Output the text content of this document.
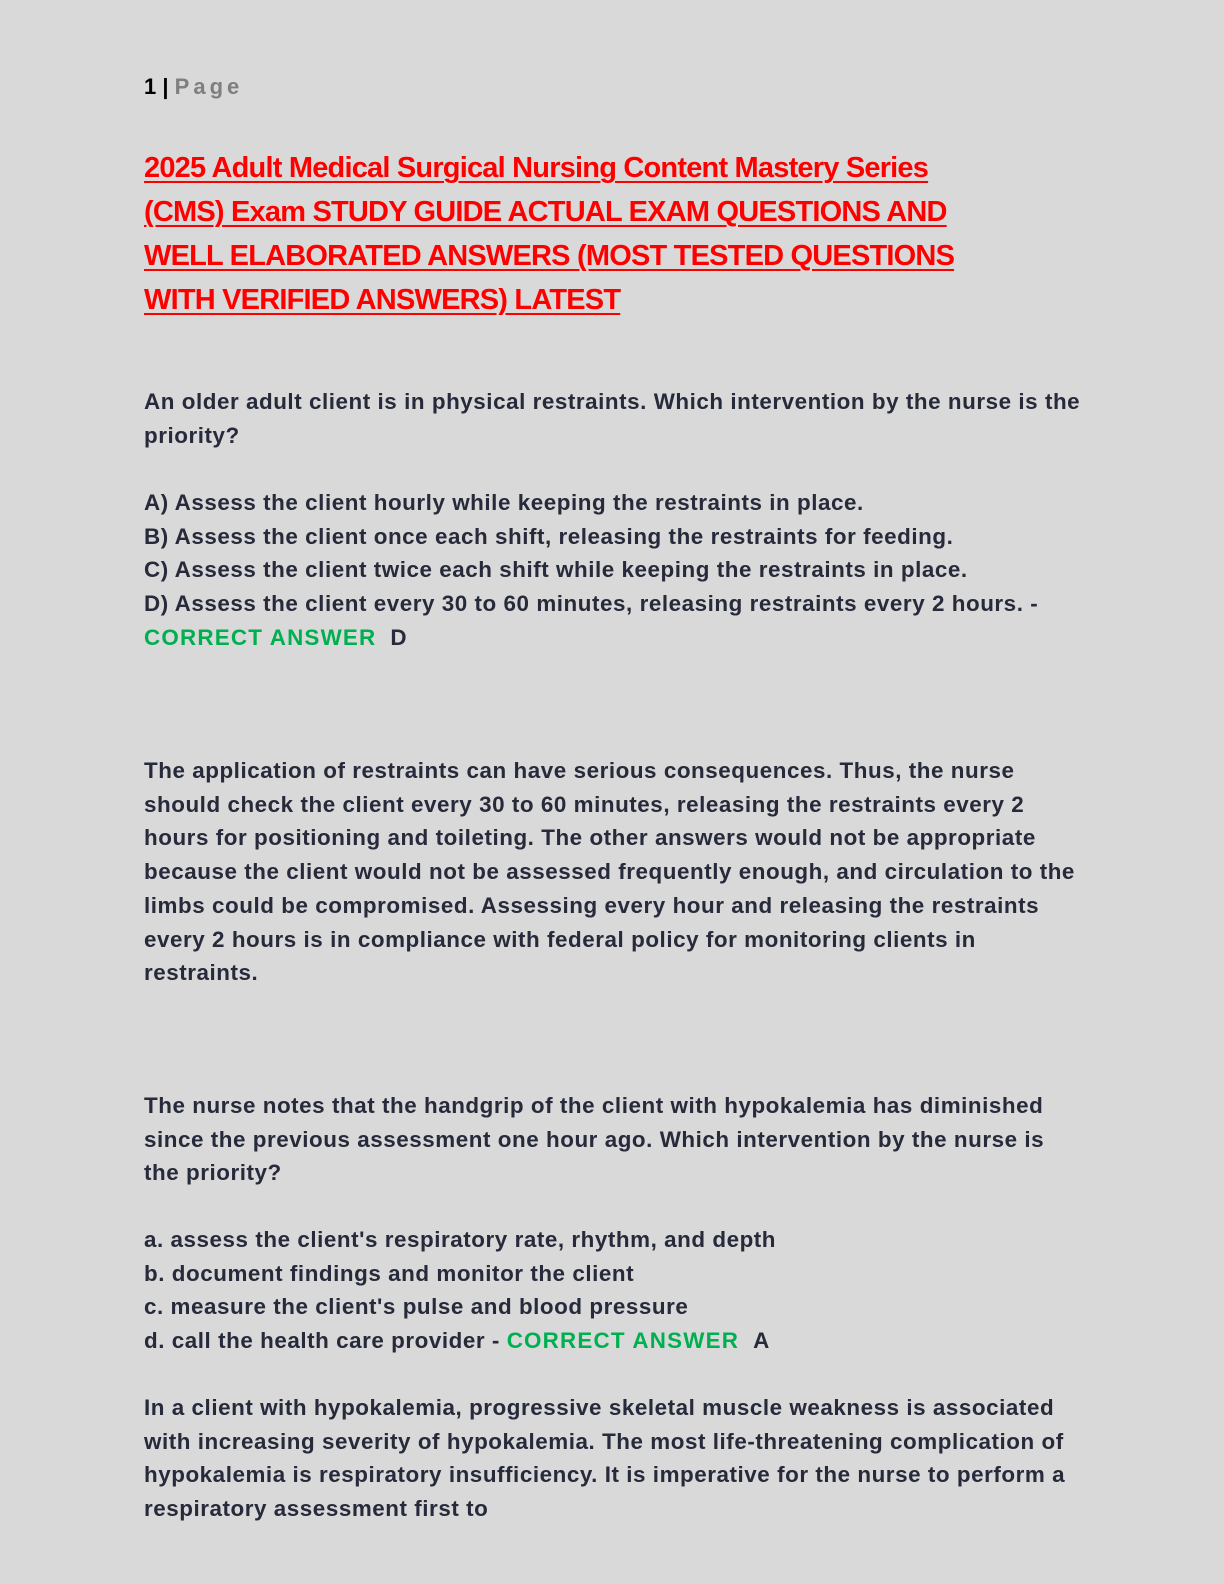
1 | Page
2025 Adult Medical Surgical Nursing Content Mastery Series
(CMS) Exam STUDY GUIDE ACTUAL EXAM QUESTIONS AND
WELL ELABORATED ANSWERS (MOST TESTED QUESTIONS
WITH VERIFIED ANSWERS) LATEST

An older adult client is in physical restraints. Which intervention by the nurse is the priority?

A) Assess the client hourly while keeping the restraints in place.
B) Assess the client once each shift, releasing the restraints for feeding.
C) Assess the client twice each shift while keeping the restraints in place.
D) Assess the client every 30 to 60 minutes, releasing restraints every 2 hours. - CORRECT ANSWER D

The application of restraints can have serious consequences. Thus, the nurse should check the client every 30 to 60 minutes, releasing the restraints every 2 hours for positioning and toileting. The other answers would not be appropriate because the client would not be assessed frequently enough, and circulation to the limbs could be compromised. Assessing every hour and releasing the restraints every 2 hours is in compliance with federal policy for monitoring clients in restraints.

The nurse notes that the handgrip of the client with hypokalemia has diminished since the previous assessment one hour ago. Which intervention by the nurse is the priority?

a. assess the client's respiratory rate, rhythm, and depth
b. document findings and monitor the client
c. measure the client's pulse and blood pressure
d. call the health care provider - CORRECT ANSWER A

In a client with hypokalemia, progressive skeletal muscle weakness is associated with increasing severity of hypokalemia. The most life-threatening complication of hypokalemia is respiratory insufficiency. It is imperative for the nurse to perform a respiratory assessment first to
